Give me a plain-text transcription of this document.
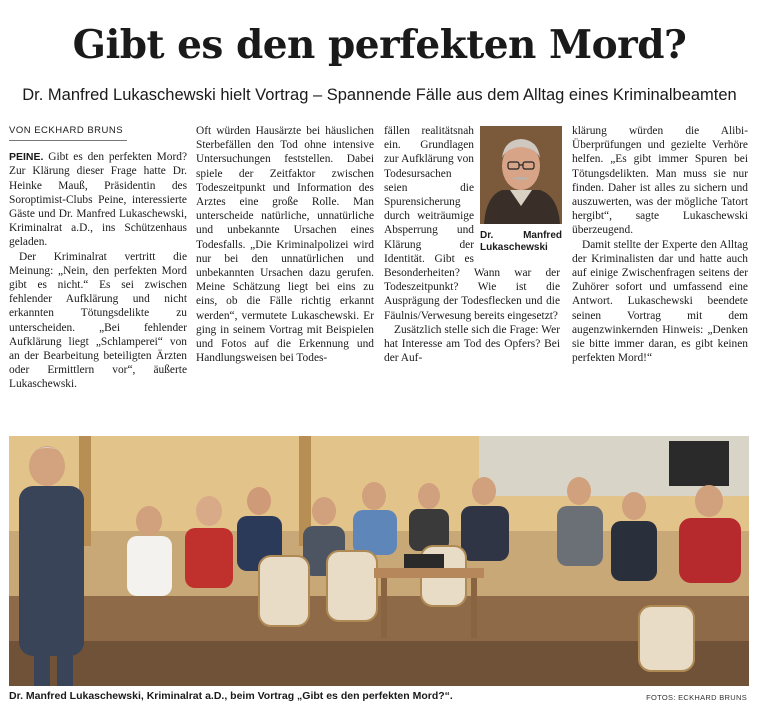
Gibt es den perfekten Mord?
Dr. Manfred Lukaschewski hielt Vortrag – Spannende Fälle aus dem Alltag eines Kriminalbeamten
VON ECKHARD BRUNS

PEINE. Gibt es den perfekten Mord? Zur Klärung dieser Frage hatte Dr. Heinke Mauß, Präsidentin des Soroptimist-Clubs Peine, interessierte Gäste und Dr. Manfred Lukaschewski, Kriminalrat a.D., ins Schützenhaus geladen.

Der Kriminalrat vertritt die Meinung: „Nein, den perfekten Mord gibt es nicht.“ Es sei zwischen fehlender Aufklärung und nicht erkannten Tötungsdelikte zu unterscheiden. „Bei fehlender Aufklärung liegt „Schlamperei“ von an der Bearbeitung beteiligten Ärzten oder Ermittlern vor“, äußerte Lukaschewski.

Oft würden Hausärzte bei häuslichen Sterbefällen den Tod ohne intensive Untersuchungen feststellen. Dabei spiele der Zeitfaktor zwischen Todeszeitpunkt und Information des Arztes eine große Rolle. Man unterscheide natürliche, unnatürliche und unbekannte Ursachen eines Todesfalls. „Die Kriminalpolizei wird nur bei den unnatürlichen und unbekannten Ursachen dazu gerufen. Meine Schätzung liegt bei eins zu eins, ob die Fälle richtig erkannt werden“, vermutete Lukaschewski. Er ging in seinem Vortrag mit Beispielen und Fotos auf die Erkennung und Handlungsweisen bei Todes-

Dr. Manfred Lukaschewski

fällen realitätsnah ein. Grundlagen zur Aufklärung von Todesursachen seien die Spurensicherung durch weiträumige Absperrung und Klärung der Identität. Gibt es Besonderheiten? Wann war der Todeszeitpunkt? Wie ist die Ausprägung der Todesflecken und die Fäulnis/Verwesung bereits eingesetzt?

Zusätzlich stelle sich die Frage: Wer hat Interesse am Tod des Opfers? Bei der Auf-

klärung würden die Alibi-Überprüfungen und gezielte Verhöre helfen. „Es gibt immer Spuren bei Tötungsdelikten. Man muss sie nur finden. Daher ist alles zu sichern und auszuwerten, was der mögliche Tatort hergibt“, sagte Lukaschewski überzeugend.

Damit stellte der Experte den Alltag der Kriminalisten dar und hatte auch auf einige Zwischenfragen seitens der Zuhörer sofort und umfassend eine Antwort. Lukaschewski beendete seinen Vortrag mit dem augenzwinkernden Hinweis: „Denken sie bitte immer daran, es gibt keinen perfekten Mord!“

Dr. Manfred Lukaschewski, Kriminalrat a.D., beim Vortrag „Gibt es den perfekten Mord?“.	FOTOS: ECKHARD BRUNS
